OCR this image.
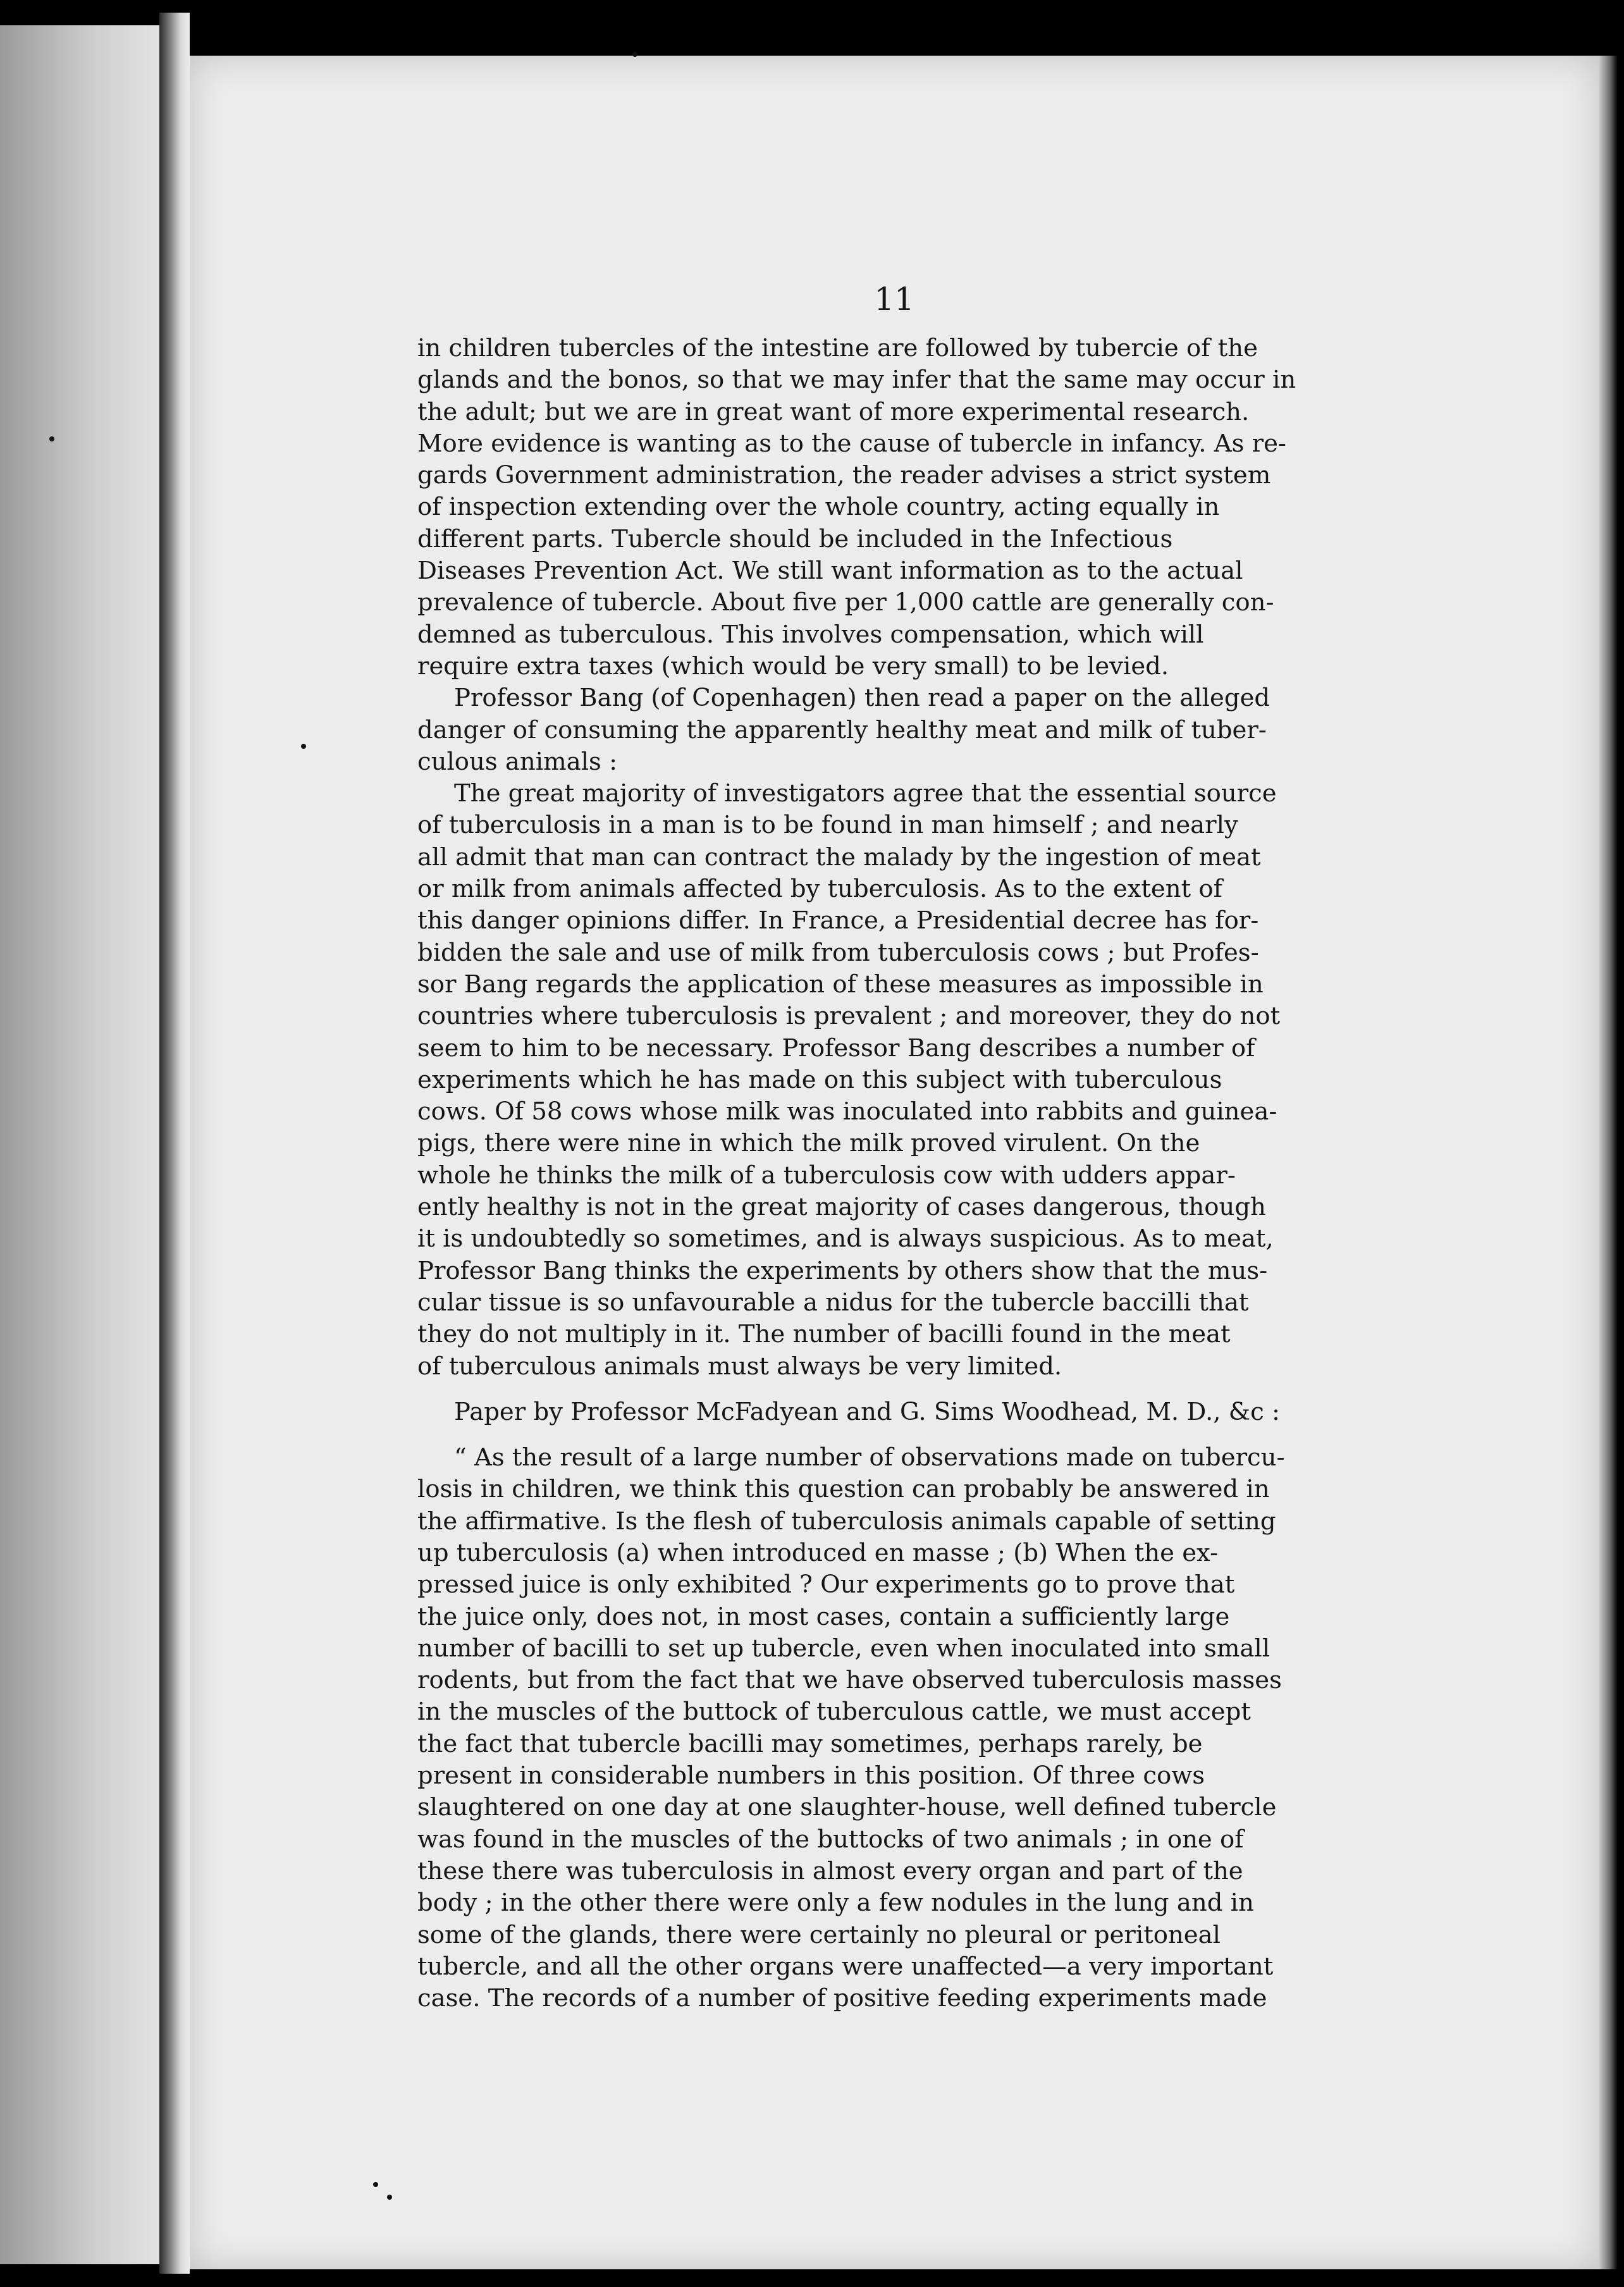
11

in children tubercles of the intestine are followed by tubercie of the
glands and the bonos, so that we may infer that the same may occur in
the adult; but we are in great want of more experimental research.
More evidence is wanting as to the cause of tubercle in infancy. As re-
gards Government administration, the reader advises a strict system
of inspection extending over the whole country, acting equally in
different parts. Tubercle should be included in the Infectious
Diseases Prevention Act. We still want information as to the actual
prevalence of tubercle. About five per 1,000 cattle are generally con-
demned as tuberculous. This involves compensation, which will
require extra taxes (which would be very small) to be levied.

Professor Bang (of Copenhagen) then read a paper on the alleged
danger of consuming the apparently healthy meat and milk of tuber-
culous animals :

The great majority of investigators agree that the essential source
of tuberculosis in a man is to be found in man himself ; and nearly
all admit that man can contract the malady by the ingestion of meat
or milk from animals affected by tuberculosis. As to the extent of
this danger opinions differ. In France, a Presidential decree has for-
bidden the sale and use of milk from tuberculosis cows ; but Profes-
sor Bang regards the application of these measures as impossible in
countries where tuberculosis is prevalent ; and moreover, they do not
seem to him to be necessary. Professor Bang describes a number of
experiments which he has made on this subject with tuberculous
cows. Of 58 cows whose milk was inoculated into rabbits and guinea-
pigs, there were nine in which the milk proved virulent. On the
whole he thinks the milk of a tuberculosis cow with udders appar-
ently healthy is not in the great majority of cases dangerous, though
it is undoubtedly so sometimes, and is always suspicious. As to meat,
Professor Bang thinks the experiments by others show that the mus-
cular tissue is so unfavourable a nidus for the tubercle baccilli that
they do not multiply in it. The number of bacilli found in the meat
of tuberculous animals must always be very limited.

Paper by Professor McFadyean and G. Sims Woodhead, M. D., &c :

“ As the result of a large number of observations made on tubercu-
losis in children, we think this question can probably be answered in
the affirmative. Is the flesh of tuberculosis animals capable of setting
up tuberculosis (a) when introduced en masse ; (b) When the ex-
pressed juice is only exhibited ? Our experiments go to prove that
the juice only, does not, in most cases, contain a sufficiently large
number of bacilli to set up tubercle, even when inoculated into small
rodents, but from the fact that we have observed tuberculosis masses
in the muscles of the buttock of tuberculous cattle, we must accept
the fact that tubercle bacilli may sometimes, perhaps rarely, be
present in considerable numbers in this position. Of three cows
slaughtered on one day at one slaughter-house, well defined tubercle
was found in the muscles of the buttocks of two animals ; in one of
these there was tuberculosis in almost every organ and part of the
body ; in the other there were only a few nodules in the lung and in
some of the glands, there were certainly no pleural or peritoneal
tubercle, and all the other organs were unaffected—a very important
case. The records of a number of positive feeding experiments made
